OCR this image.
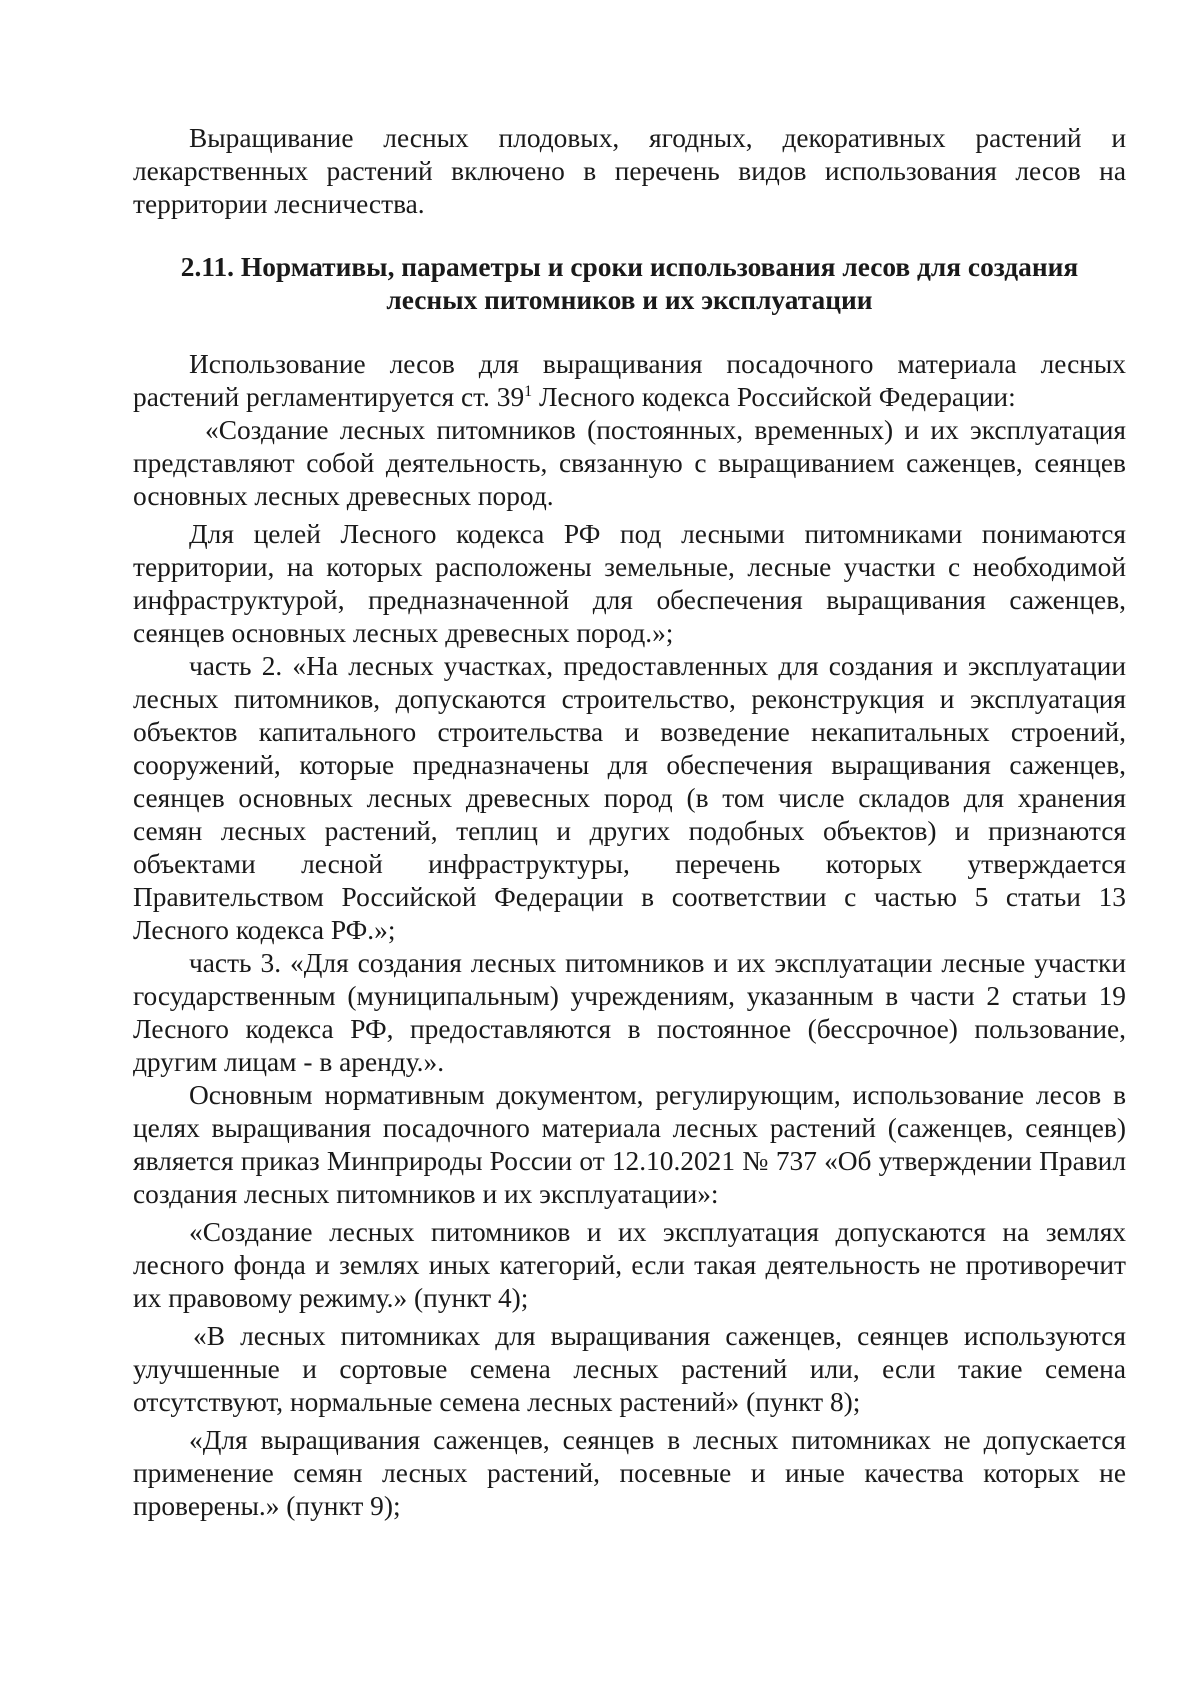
Выращивание лесных плодовых, ягодных, декоративных растений и лекарственных растений включено в перечень видов использования лесов на территории лесничества.

2.11. Нормативы, параметры и сроки использования лесов для создания лесных питомников и их эксплуатации

Использование лесов для выращивания посадочного материала лесных растений регламентируется ст. $39^1$ Лесного кодекса Российской Федерации:

«Создание лесных питомников (постоянных, временных) и их эксплуатация представляют собой деятельность, связанную с выращиванием саженцев, сеянцев основных лесных древесных пород.

Для целей Лесного кодекса РФ под лесными питомниками понимаются территории, на которых расположены земельные, лесные участки с необходимой инфраструктурой, предназначенной для обеспечения выращивания саженцев, сеянцев основных лесных древесных пород.»;

часть 2. «На лесных участках, предоставленных для создания и эксплуатации лесных питомников, допускаются строительство, реконструкция и эксплуатация объектов капитального строительства и возведение некапитальных строений, сооружений, которые предназначены для обеспечения выращивания саженцев, сеянцев основных лесных древесных пород (в том числе складов для хранения семян лесных растений, теплиц и других подобных объектов) и признаются объектами лесной инфраструктуры, перечень которых утверждается Правительством Российской Федерации в соответствии с частью 5 статьи 13 Лесного кодекса РФ.»;

часть 3. «Для создания лесных питомников и их эксплуатации лесные участки государственным (муниципальным) учреждениям, указанным в части 2 статьи 19 Лесного кодекса РФ, предоставляются в постоянное (бессрочное) пользование, другим лицам - в аренду.».

Основным нормативным документом, регулирующим, использование лесов в целях выращивания посадочного материала лесных растений (саженцев, сеянцев) является приказ Минприроды России от 12.10.2021 № 737 «Об утверждении Правил создания лесных питомников и их эксплуатации»:

«Создание лесных питомников и их эксплуатация допускаются на землях лесного фонда и землях иных категорий, если такая деятельность не противоречит их правовому режиму.» (пункт 4);

«В лесных питомниках для выращивания саженцев, сеянцев используются улучшенные и сортовые семена лесных растений или, если такие семена отсутствуют, нормальные семена лесных растений» (пункт 8);

«Для выращивания саженцев, сеянцев в лесных питомниках не допускается применение семян лесных растений, посевные и иные качества которых не проверены.» (пункт 9);
